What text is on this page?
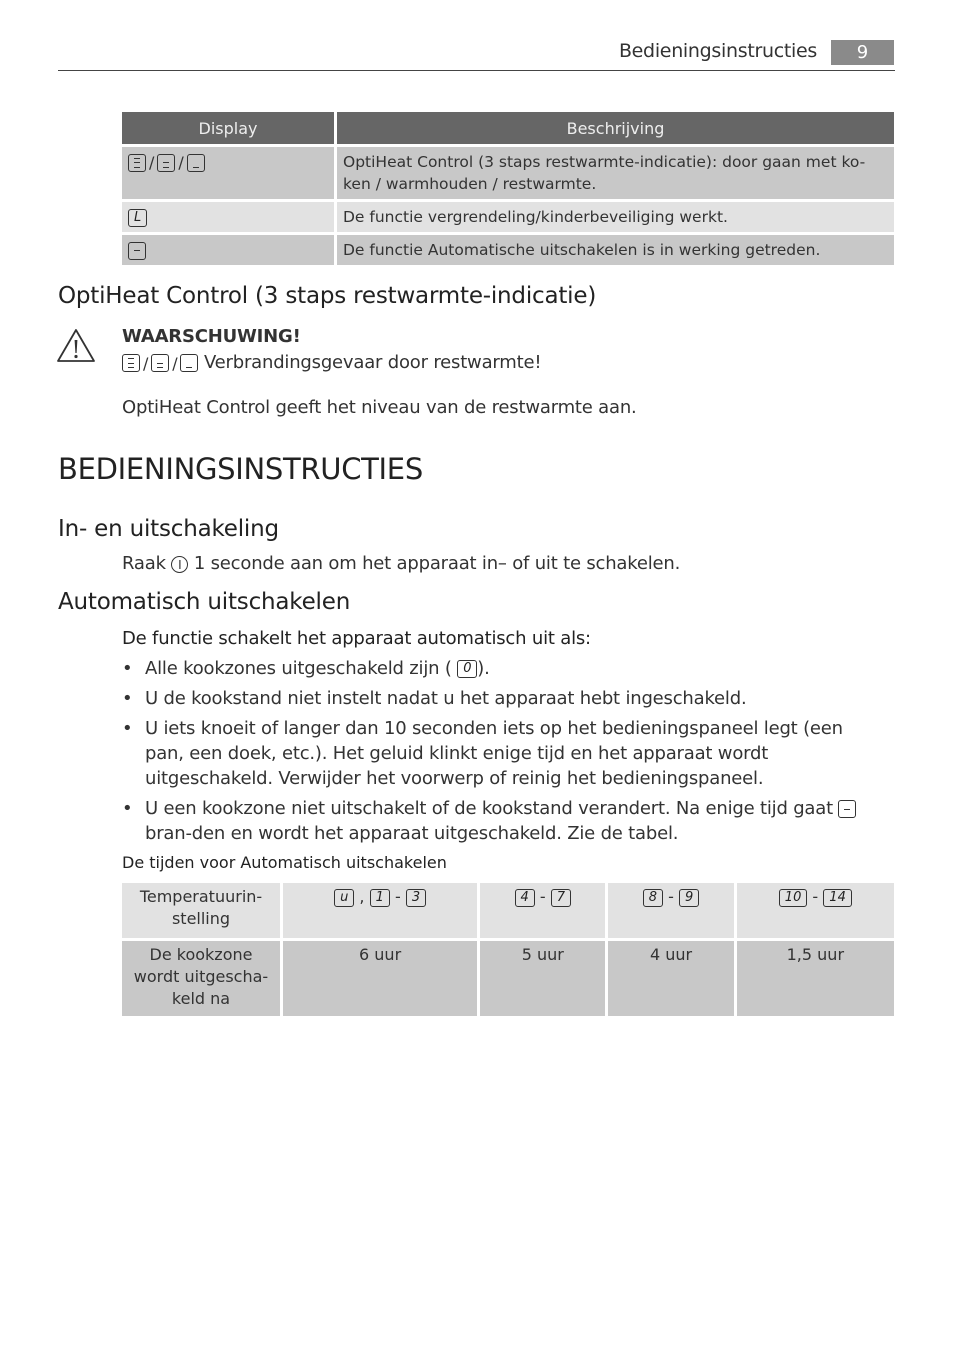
Bedieningsinstructies	9
Display	Beschrijving

/ /	OptiHeat Control (3 staps restwarmte-indicatie): door gaan met ko-ken / warmhouden / restwarmte.
L	De functie vergrendeling/kinderbeveiliging werkt.

	De functie Automatische uitschakelen is in werking getreden.
OptiHeat Control (3 staps restwarmte-indicatie)
WAARSCHUWING!
/ / Verbrandingsgevaar door restwarmte!
OptiHeat Control geeft het niveau van de restwarmte aan.
BEDIENINGSINSTRUCTIES
In- en uitschakeling
Raak I 1 seconde aan om het apparaat in– of uit te schakelen.
Automatisch uitschakelen
De functie schakelt het apparaat automatisch uit als:
• Alle kookzones uitgeschakeld zijn ( 0 ).
• U de kookstand niet instelt nadat u het apparaat hebt ingeschakeld.
• U iets knoeit of langer dan 10 seconden iets op het bedieningspaneel legt (een pan, een doek, etc.). Het geluid klinkt enige tijd en het apparaat wordt uitgeschakeld. Verwijder het voorwerp of reinig het bedieningspaneel.
• U een kookzone niet uitschakelt of de kookstand verandert. Na enige tijd gaat
bran-den en wordt het apparaat uitgeschakeld. Zie de tabel.
De tijden voor Automatisch uitschakelen
Temperatuurin-stelling	u , 1 - 3	4 - 7	8 - 9	10 - 14
De kookzone wordt uitgescha-keld na	6 uur	5 uur	4 uur	1,5 uur
